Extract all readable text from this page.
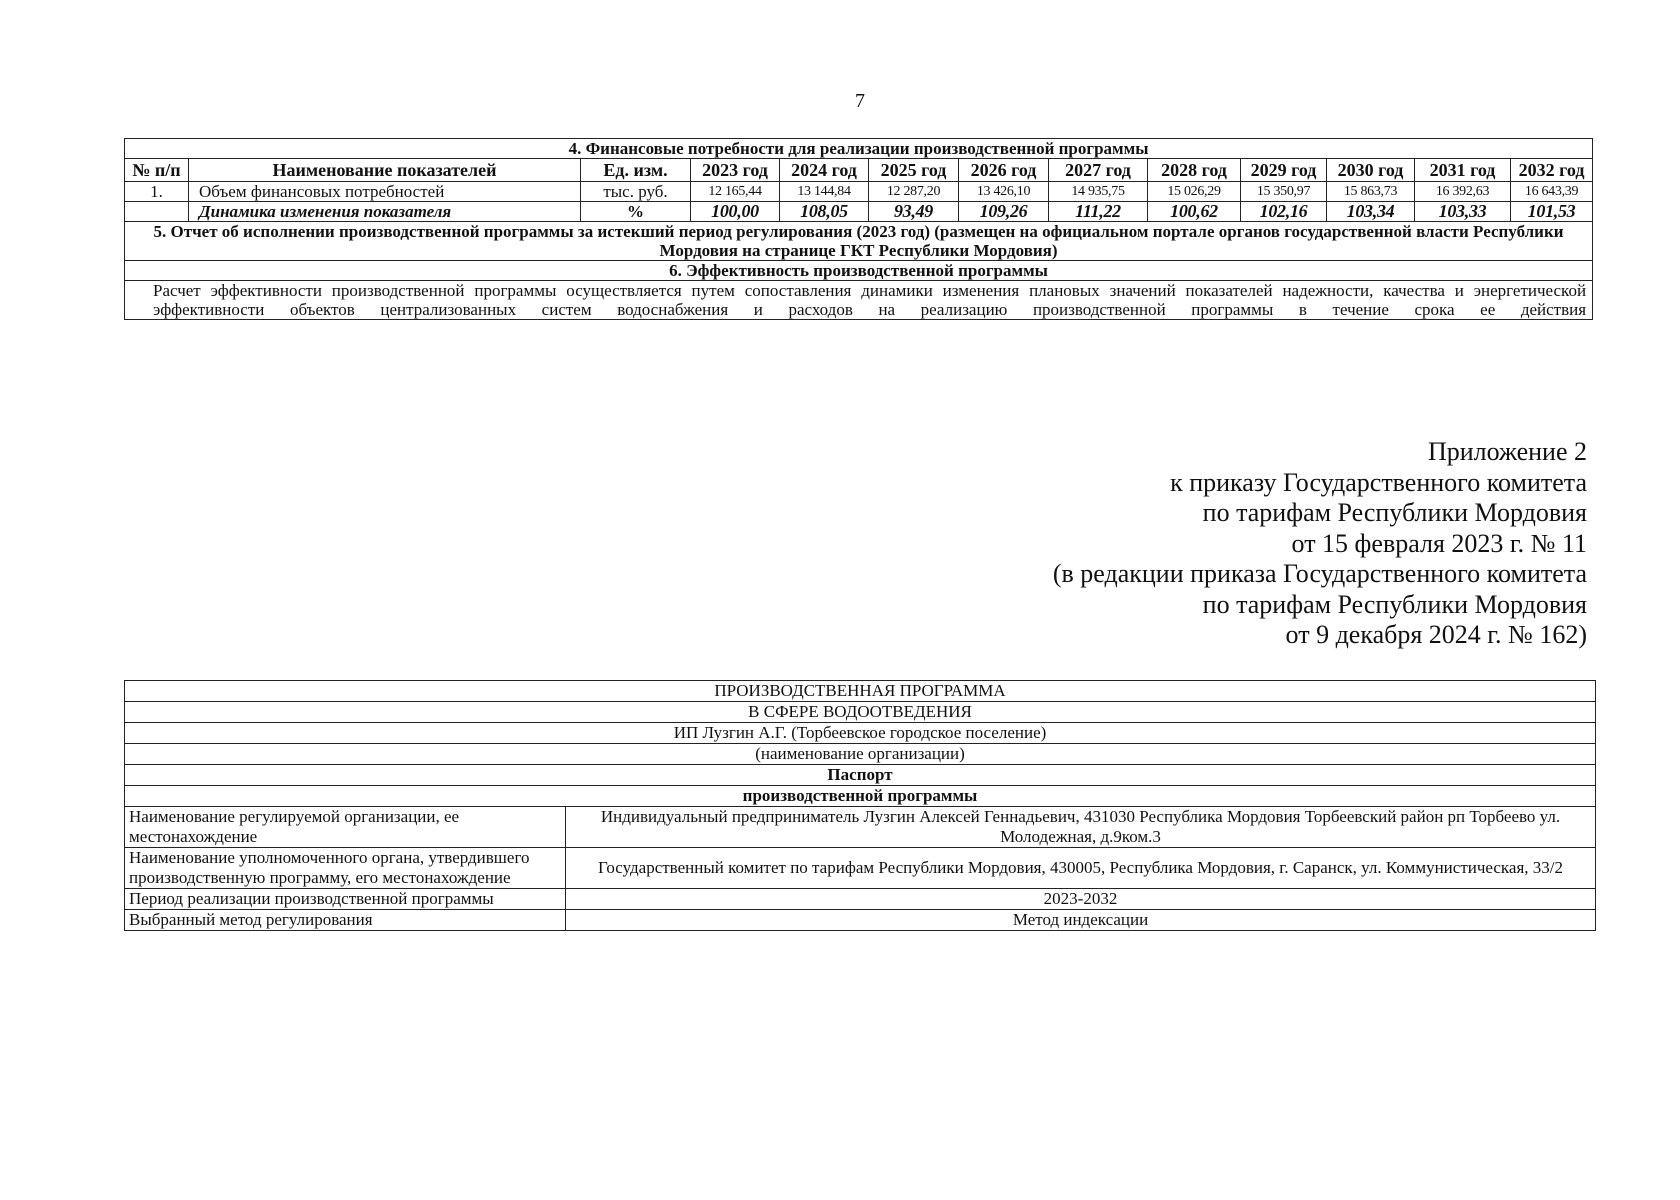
7
4. Финансовые потребности для реализации производственной программы												
№ п/п	Наименование показателей	Ед. изм.	2023 год	2024 год	2025 год	2026 год	2027 год	2028 год	2029 год	2030 год	2031 год	2032 год
1.	Объем финансовых потребностей	тыс. руб.	12 165,44	13 144,84	12 287,20	13 426,10	14 935,75	15 026,29	15 350,97	15 863,73	16 392,63	16 643,39
	Динамика изменения показателя	%	100,00	108,05	93,49	109,26	111,22	100,62	102,16	103,34	103,33	101,53
5. Отчет об исполнении производственной программы за истекший период регулирования (2023 год) (размещен на официальном портале органов государственной власти Республики Мордовия на странице ГКТ Республики Мордовия)												
6. Эффективность производственной программы												
Расчет эффективности производственной программы осуществляется путем сопоставления динамики изменения плановых значений показателей надежности, качества и энергетической эффективности объектов централизованных систем водоснабжения и расходов на реализацию производственной программы в течение срока ее действия												
Приложение 2
к приказу Государственного комитета
по тарифам Республики Мордовия
от 15 февраля 2023 г. № 11
(в редакции приказа Государственного комитета
по тарифам Республики Мордовия
от 9 декабря 2024 г. № 162)
ПРОИЗВОДСТВЕННАЯ ПРОГРАММА	
В СФЕРЕ ВОДООТВЕДЕНИЯ	
ИП Лузгин А.Г. (Торбеевское городское поселение)	
(наименование организации)	
Паспорт	
производственной программы	
Наименование регулируемой организации, ее местонахождение	Индивидуальный предприниматель Лузгин Алексей Геннадьевич, 431030 Республика Мордовия Торбеевский район рп Торбеево ул. Молодежная, д.9ком.3
Наименование уполномоченного органа, утвердившего производственную программу, его местонахождение	Государственный комитет по тарифам Республики Мордовия, 430005, Республика Мордовия, г. Саранск, ул. Коммунистическая, 33/2
Период реализации производственной программы	2023-2032
Выбранный метод регулирования	Метод индексации
